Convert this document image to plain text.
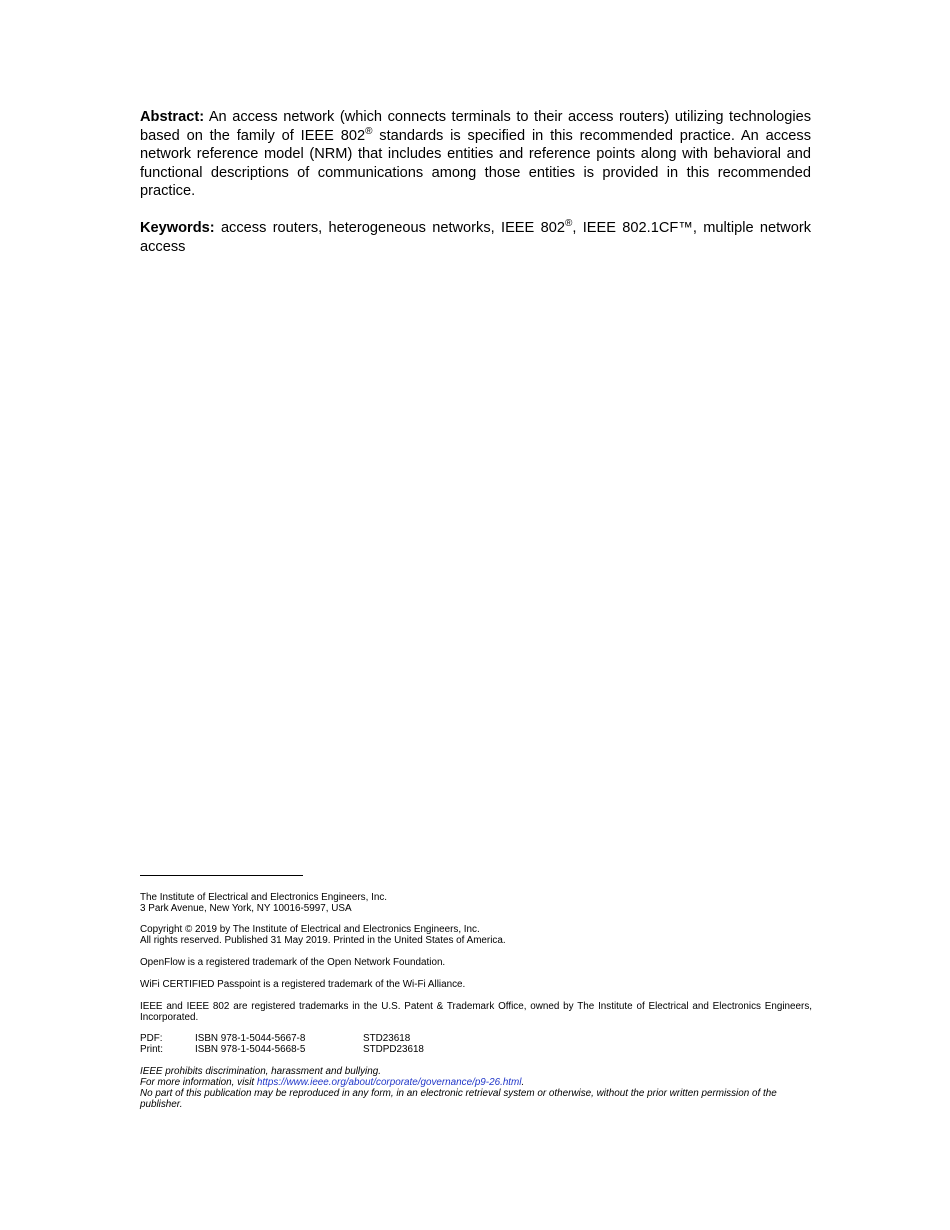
Abstract: An access network (which connects terminals to their access routers) utilizing technologies based on the family of IEEE 802® standards is specified in this recommended practice. An access network reference model (NRM) that includes entities and reference points along with behavioral and functional descriptions of communications among those entities is provided in this recommended practice.

Keywords: access routers, heterogeneous networks, IEEE 802®, IEEE 802.1CF™, multiple network access

The Institute of Electrical and Electronics Engineers, Inc.
3 Park Avenue, New York, NY 10016-5997, USA

Copyright © 2019 by The Institute of Electrical and Electronics Engineers, Inc.
All rights reserved. Published 31 May 2019. Printed in the United States of America.

OpenFlow is a registered trademark of the Open Network Foundation.

WiFi CERTIFIED Passpoint is a registered trademark of the Wi-Fi Alliance.

IEEE and IEEE 802 are registered trademarks in the U.S. Patent & Trademark Office, owned by The Institute of Electrical and Electronics Engineers, Incorporated.

PDF:	ISBN 978-1-5044-5667-8	STD23618
Print:	ISBN 978-1-5044-5668-5	STDPD23618

IEEE prohibits discrimination, harassment and bullying.
For more information, visit https://www.ieee.org/about/corporate/governance/p9-26.html.
No part of this publication may be reproduced in any form, in an electronic retrieval system or otherwise, without the prior written permission of the publisher.
